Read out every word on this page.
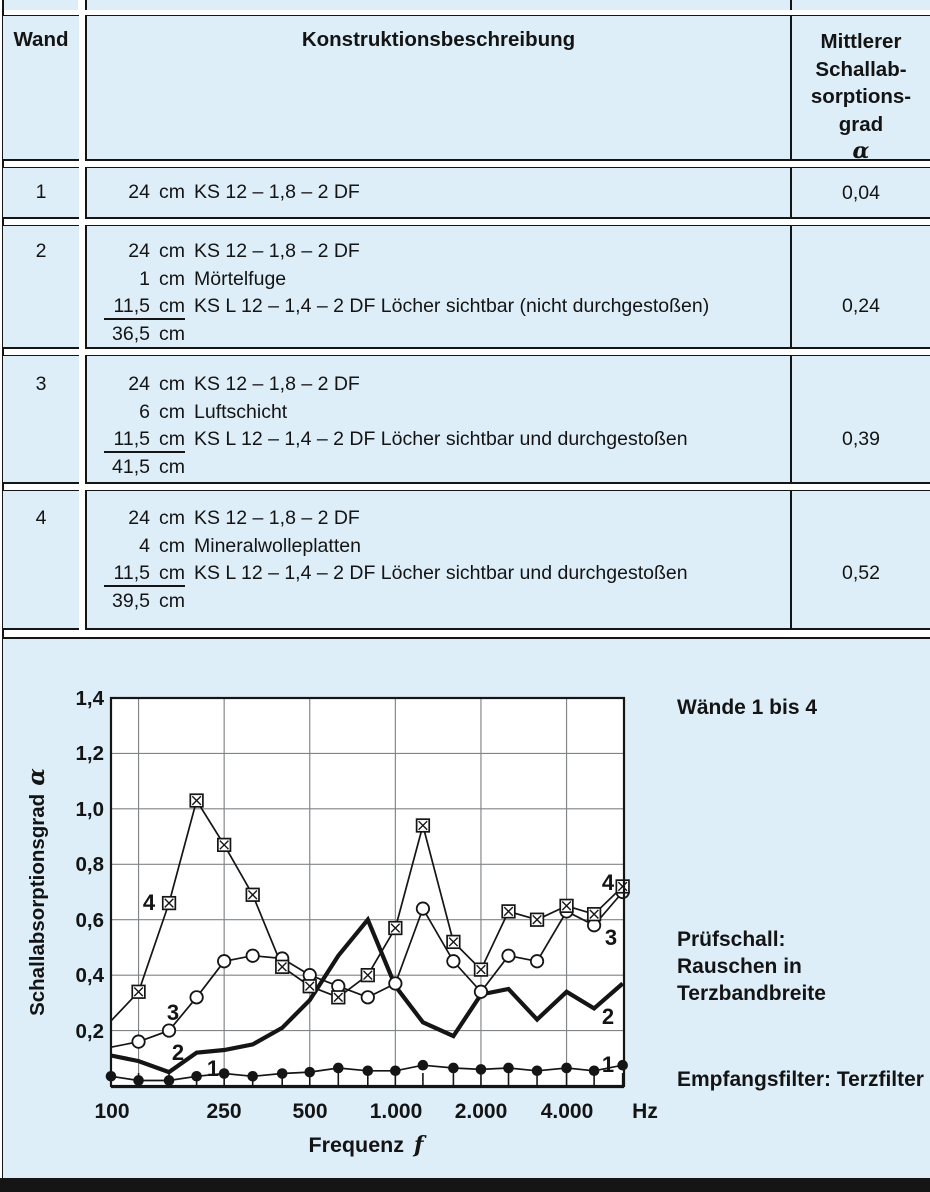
Wand	Konstruktionsbeschreibung	Mittlerer
Schallab-
sorptions-
grad
α
1	24 cm KS 12 – 1,8 – 2 DF	0,04
2	24 cm KS 12 – 1,8 – 2 DF
1 cm Mörtelfuge
11,5 cm KS L 12 – 1,4 – 2 DF Löcher sichtbar (nicht durchgestoßen)
36,5 cm
0,24
3	24 cm KS 12 – 1,8 – 2 DF
6 cm Luftschicht
11,5 cm KS L 12 – 1,4 – 2 DF Löcher sichtbar und durchgestoßen
41,5 cm
0,39
4	24 cm KS 12 – 1,8 – 2 DF
4 cm Mineralwolleplatten
11,5 cm KS L 12 – 1,4 – 2 DF Löcher sichtbar und durchgestoßen
39,5 cm
0,52
1,4
1,2
1,0
0,8
0,6
0,4
0,2
100	250 500 1.000 2.000 4.000 Hz
Schallabsorptionsgradα
Frequenz f
4
3
2
1
4
3
2
1
Wände 1 bis 4
Prüfschall:
Rauschen in Terzbandbreite
Empfangsfilter: Terzfilter
